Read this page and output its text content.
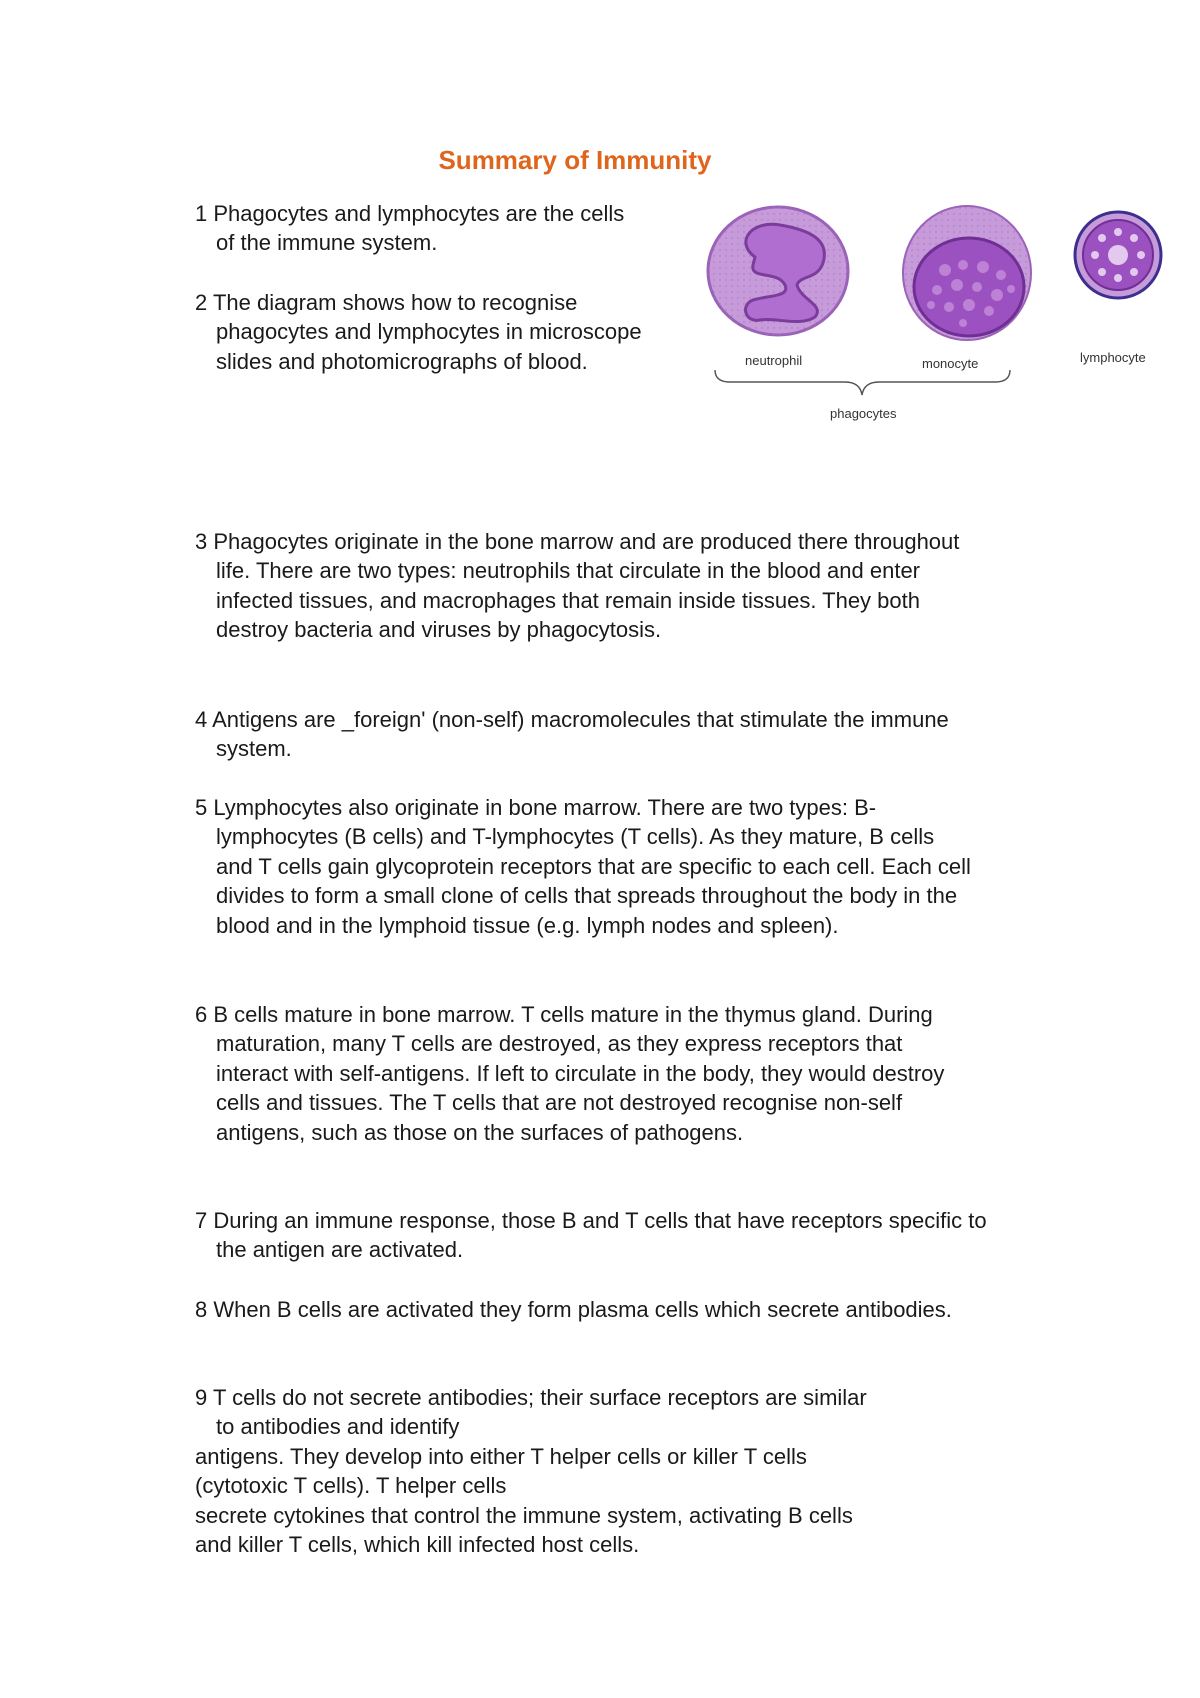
Summary of Immunity

1 Phagocytes and lymphocytes are the cells of the immune system.

2 The diagram shows how to recognise phagocytes and lymphocytes in microscope slides and photomicrographs of blood.

3 Phagocytes originate in the bone marrow and are produced there throughout life. There are two types: neutrophils that circulate in the blood and enter infected tissues, and macrophages that remain inside tissues. They both destroy bacteria and viruses by phagocytosis.

4 Antigens are _foreign' (non-self) macromolecules that stimulate the immune system.

5 Lymphocytes also originate in bone marrow. There are two types: B-lymphocytes (B cells) and T-lymphocytes (T cells). As they mature, B cells and T cells gain glycoprotein receptors that are specific to each cell. Each cell divides to form a small clone of cells that spreads throughout the body in the blood and in the lymphoid tissue (e.g. lymph nodes and spleen).

6 B cells mature in bone marrow. T cells mature in the thymus gland. During maturation, many T cells are destroyed, as they express receptors that interact with self-antigens. If left to circulate in the body, they would destroy cells and tissues. The T cells that are not destroyed recognise non-self antigens, such as those on the surfaces of pathogens.

7 During an immune response, those B and T cells that have receptors specific to the antigen are activated.

8 When B cells are activated they form plasma cells which secrete antibodies.

9 T cells do not secrete antibodies; their surface receptors are similar

to antibodies and identify

antigens. They develop into either T helper cells or killer T cells

(cytotoxic T cells). T helper cells

secrete cytokines that control the immune system, activating B cells

and killer T cells, which kill infected host cells.

neutrophil	monocyte	lymphocyte
phagocytes
